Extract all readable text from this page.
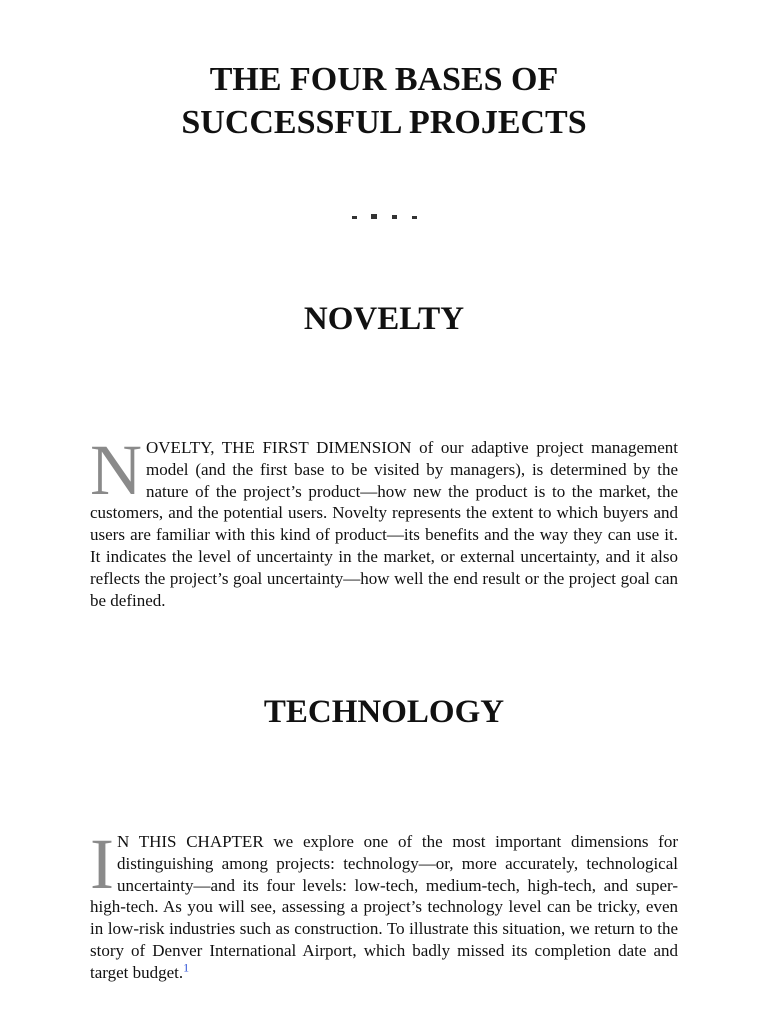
THE FOUR BASES OF
SUCCESSFUL PROJECTS
NOVELTY

NOVELTY, THE FIRST DIMENSION of our adaptive project management model (and the first base to be visited by managers), is determined by the nature of the project’s product—how new the product is to the market, the customers, and the potential users. Novelty represents the extent to which buyers and users are familiar with this kind of product—its benefits and the way they can use it. It indicates the level of uncertainty in the market, or external uncertainty, and it also reflects the project’s goal uncertainty—how well the end result or the project goal can be defined.

TECHNOLOGY

I N THIS CHAPTER we explore one of the most important dimensions for distinguishing among projects: technology—or, more accurately, technological uncertainty—and its four levels: low-tech, medium-tech, high-tech, and super-high-tech. As you will see, assessing a project’s technology level can be tricky, even in low-risk industries such as construction. To illustrate this situation, we return to the story of Denver International Airport, which badly missed its completion date and target budget.$^1$
